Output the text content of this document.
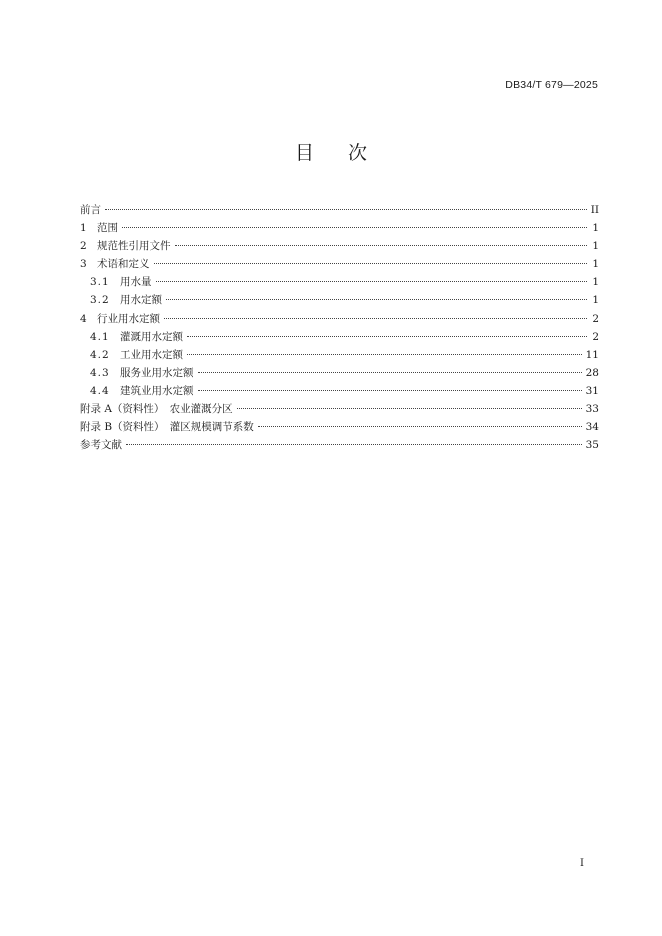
DB34/T 679—2025
目 次
前言	II
1 范围	1
2 规范性引用文件	1
3 术语和定义	1
3.1 用水量	1
3.2 用水定额	1
4 行业用水定额	2
4.1 灌溉用水定额	2
4.2 工业用水定额	11
4.3 服务业用水定额	28
4.4 建筑业用水定额	31
附录 A（资料性）　农业灌溉分区	33
附录 B（资料性）　灌区规模调节系数	34
参考文献	35
I
